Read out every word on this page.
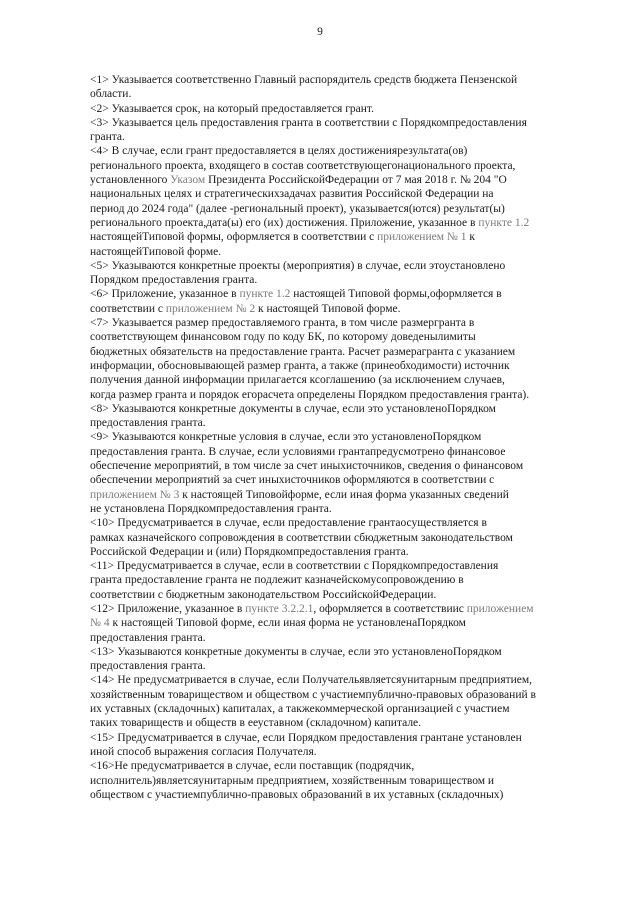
9

<1> Указывается соответственно Главный распорядитель средств бюджета Пензенской
области.

<2> Указывается срок, на который предоставляется грант.

<3> Указывается цель предоставления гранта в соответствии с Порядкомпредоставления
гранта.

<4> В случае, если грант предоставляется в целях достижениярезультата(ов)
регионального проекта, входящего в состав соответствующегонационального проекта,
установленного Указом Президента РоссийскойФедерации от 7 мая 2018 г. № 204 "О
национальных целях и стратегическихзадачах развития Российской Федерации на
период до 2024 года" (далее -региональный проект), указывается(ются) результат(ы)
регионального проекта,дата(ы) его (их) достижения. Приложение, указанное в пункте 1.2
настоящейТиповой формы, оформляется в соответствии с приложением № 1 к
настоящейТиповой форме.

<5> Указываются конкретные проекты (мероприятия) в случае, если этоустановлено
Порядком предоставления гранта.

<6> Приложение, указанное в пункте 1.2 настоящей Типовой формы,оформляется в
соответствии с приложением № 2 к настоящей Типовой форме.

<7> Указывается размер предоставляемого гранта, в том числе размергранта в
соответствующем финансовом году по коду БК, по которому доведенылимиты
бюджетных обязательств на предоставление гранта. Расчет размерагранта с указанием
информации, обосновывающей размер гранта, а также (принеобходимости) источник
получения данной информации прилагается ксоглашению (за исключением случаев,
когда размер гранта и порядок егорасчета определены Порядком предоставления гранта).

<8> Указываются конкретные документы в случае, если это установленоПорядком
предоставления гранта.

<9> Указываются конкретные условия в случае, если это установленоПорядком
предоставления гранта. В случае, если условиями грантапредусмотрено финансовое
обеспечение мероприятий, в том числе за счет иныхисточников, сведения о финансовом
обеспечении мероприятий за счет иныхисточников оформляются в соответствии с
приложением № 3 к настоящей Типовойформе, если иная форма указанных сведений
не установлена Порядкомпредоставления гранта.

<10> Предусматривается в случае, если предоставление грантаосуществляется в
рамках казначейского сопровождения в соответствии сбюджетным законодательством
Российской Федерации и (или) Порядкомпредоставления гранта.

<11> Предусматривается в случае, если в соответствии с Порядкомпредоставления
гранта предоставление гранта не подлежит казначейскомусопровождению в
соответствии с бюджетным законодательством РоссийскойФедерации.

<12> Приложение, указанное в пункте 3.2.2.1, оформляется в соответствиис приложением
№ 4 к настоящей Типовой форме, если иная форма не установленаПорядком
предоставления гранта.

<13> Указываются конкретные документы в случае, если это установленоПорядком
предоставления гранта.

<14> Не предусматривается в случае, если Получательявляетсяунитарным предприятием,
хозяйственным товариществом и обществом с участиемпублично-правовых образований в
их уставных (складочных) капиталах, а такжекоммерческой организацией с участием
таких товариществ и обществ в ееуставном (складочном) капитале.

<15> Предусматривается в случае, если Порядком предоставления грантане установлен
иной способ выражения согласия Получателя.

<16>Не предусматривается в случае, если поставщик (подрядчик,
исполнитель)являетсяунитарным предприятием, хозяйственным товариществом и
обществом с участиемпублично-правовых образований в их уставных (складочных)
